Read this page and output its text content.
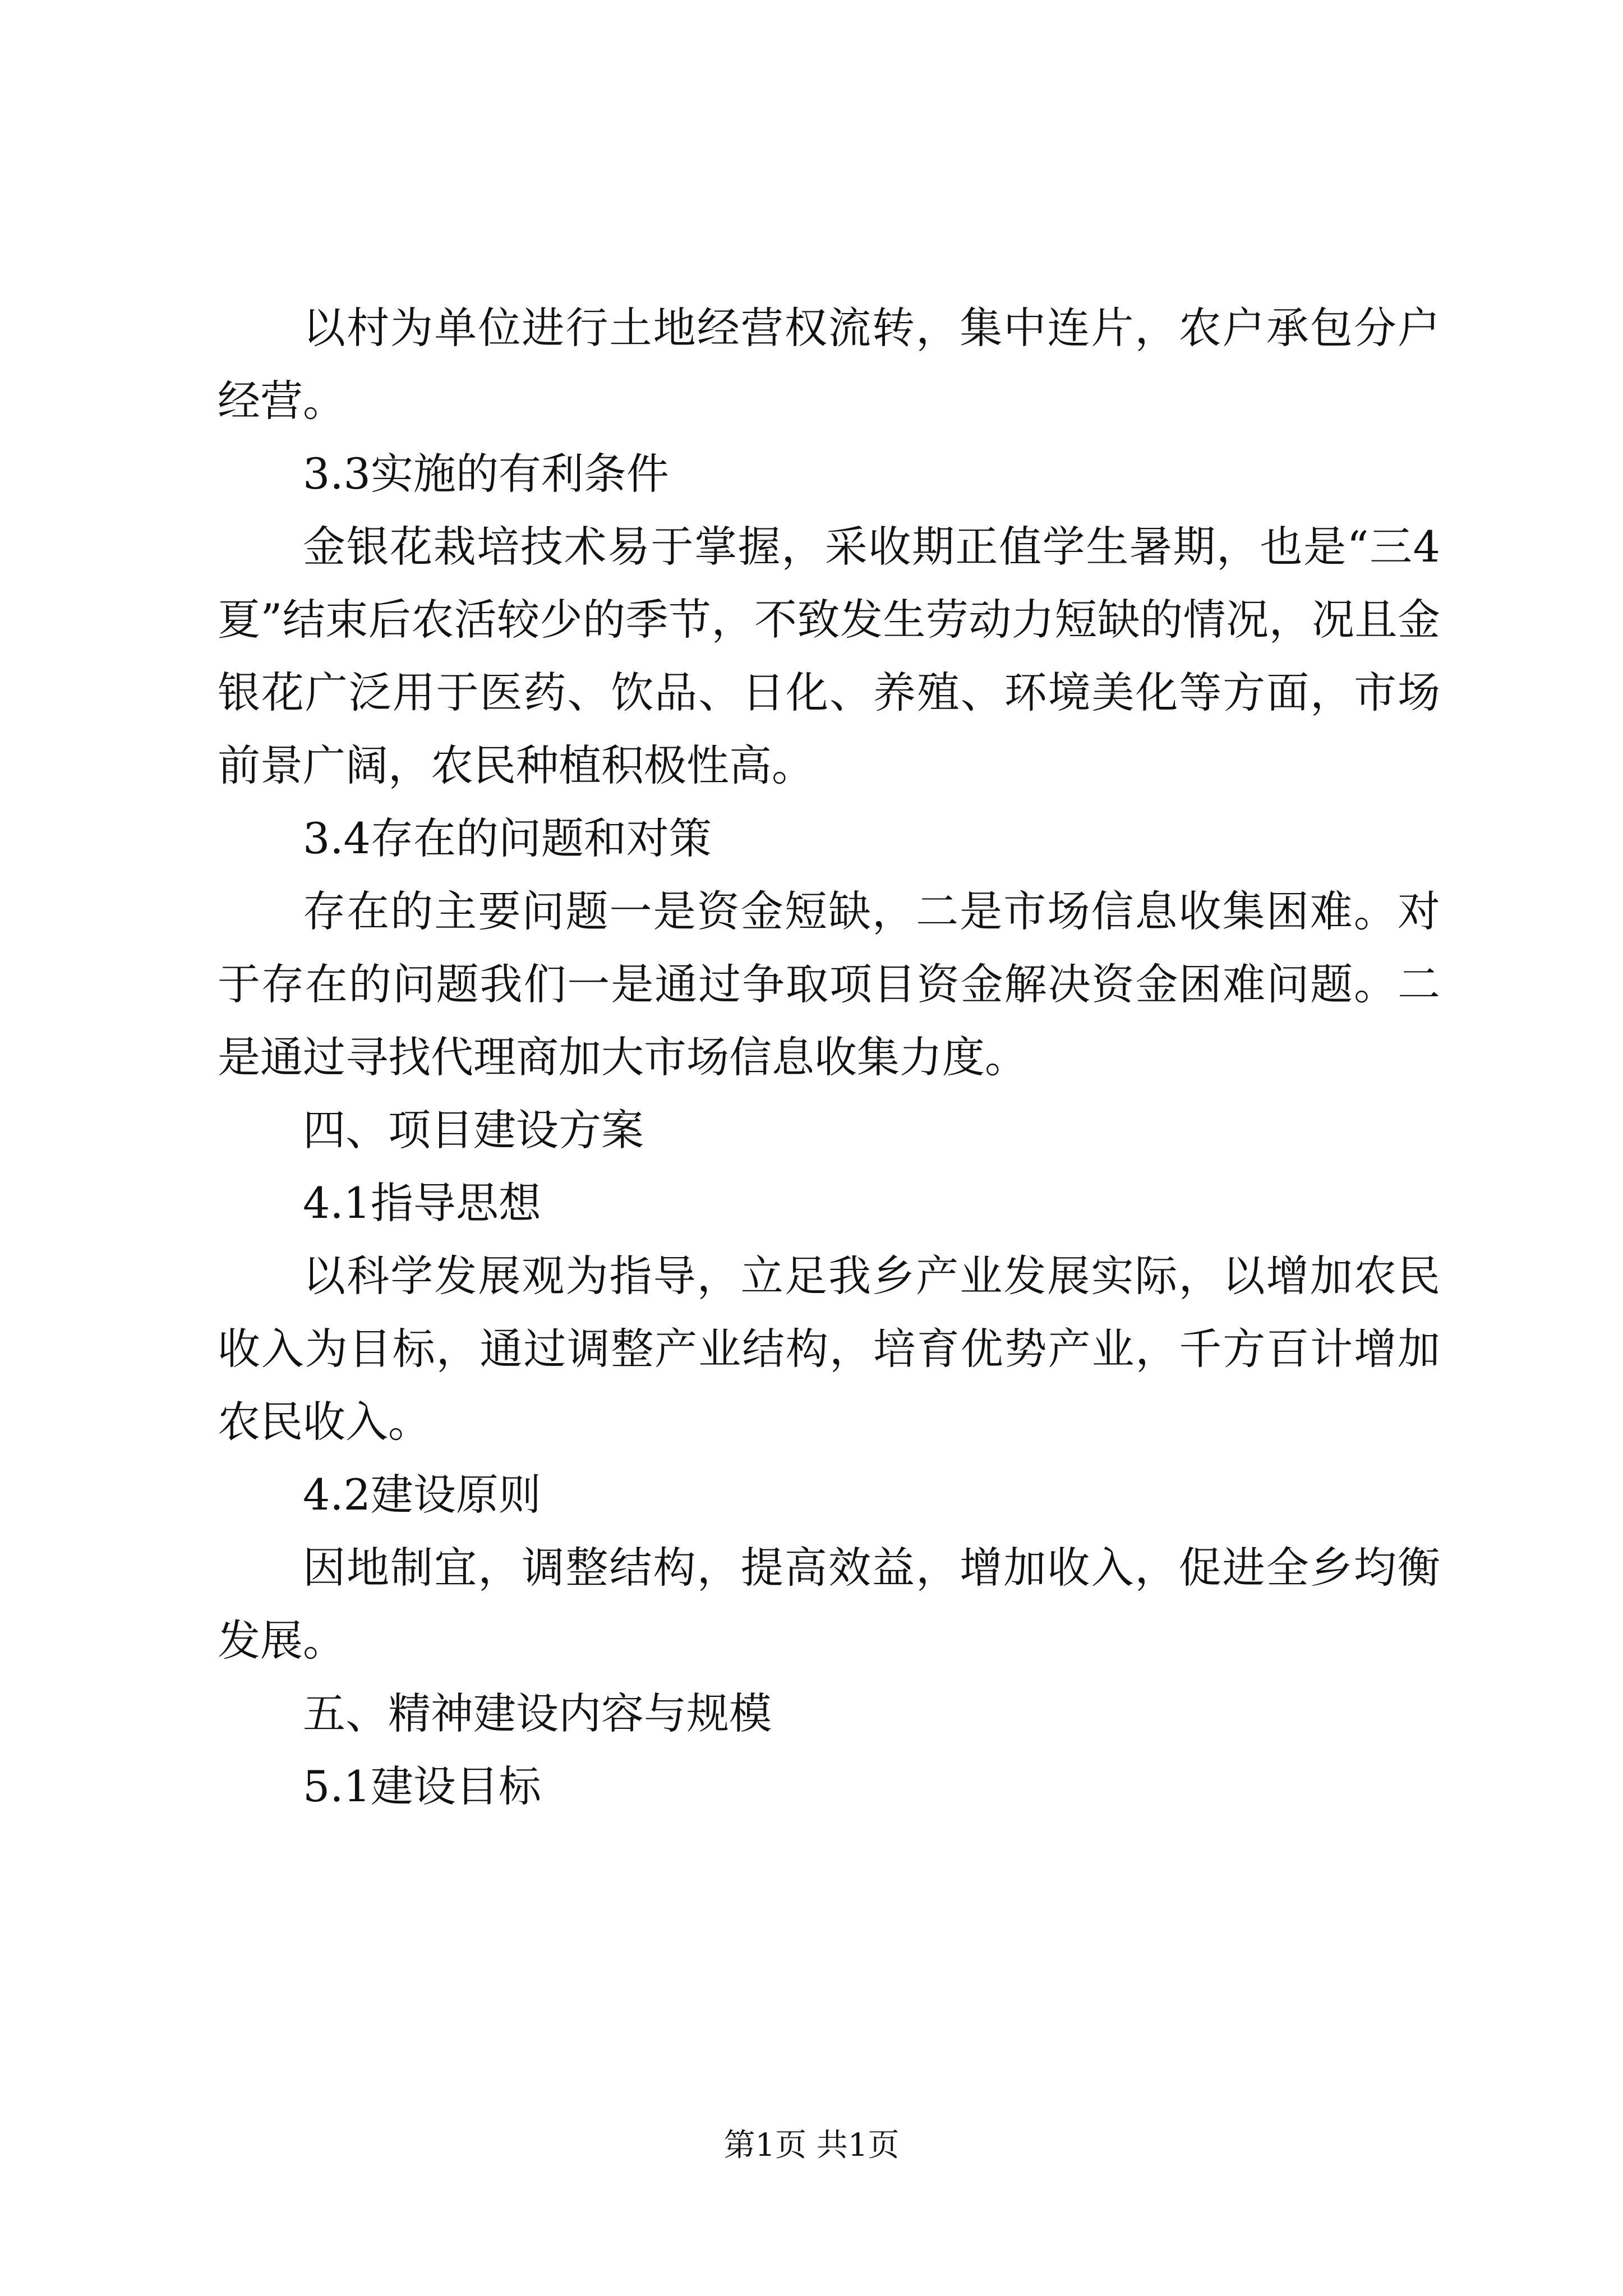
以村为单位进行土地经营权流转，集中连片，农户承包分户经营。

3.3实施的有利条件

金银花栽培技术易于掌握，采收期正值学生暑期，也是“三4夏”结束后农活较少的季节，不致发生劳动力短缺的情况，况且金银花广泛用于医药、饮品、日化、养殖、环境美化等方面，市场前景广阔，农民种植积极性高。

3.4存在的问题和对策

存在的主要问题一是资金短缺，二是市场信息收集困难。对于存在的问题我们一是通过争取项目资金解决资金困难问题。二是通过寻找代理商加大市场信息收集力度。

四、项目建设方案

4.1指导思想

以科学发展观为指导，立足我乡产业发展实际，以增加农民收入为目标，通过调整产业结构，培育优势产业，千方百计增加农民收入。

4.2建设原则

因地制宜，调整结构，提高效益，增加收入，促进全乡均衡发展。

五、精神建设内容与规模

5.1建设目标

第1页 共1页
